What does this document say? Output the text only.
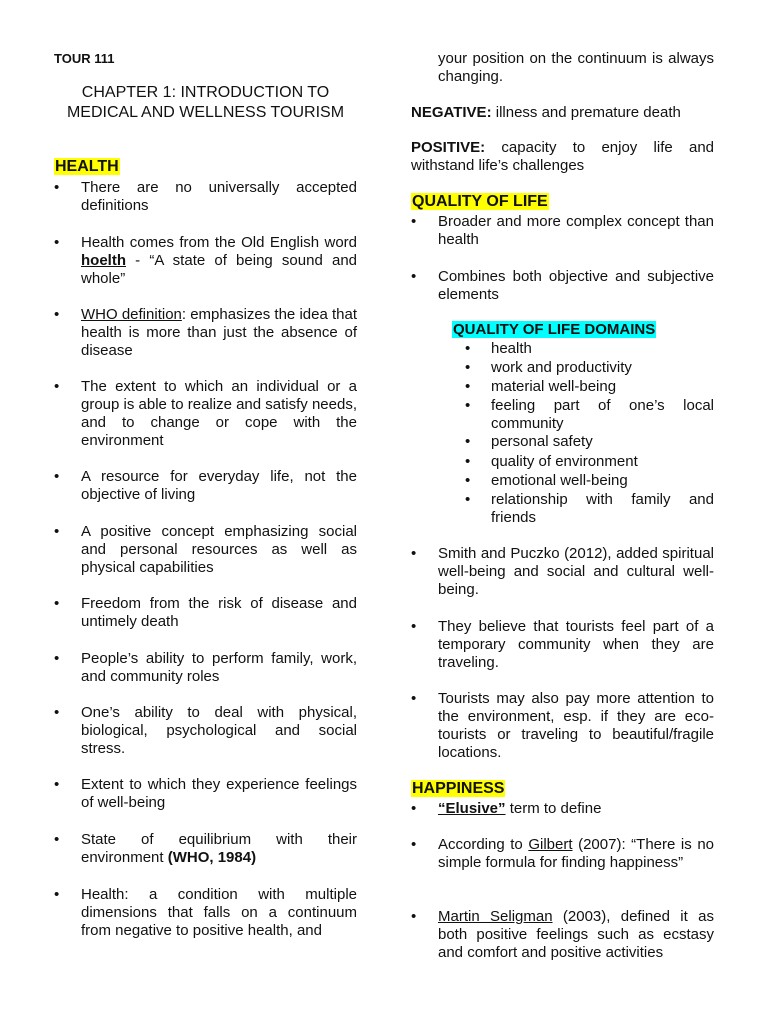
TOUR 111
CHAPTER 1: INTRODUCTION TO MEDICAL AND WELLNESS TOURISM
HEALTH
• There are no universally accepted definitions
• Health comes from the Old English word hoelth - “A state of being sound and whole”
• WHO definition: emphasizes the idea that health is more than just the absence of disease
• The extent to which an individual or a group is able to realize and satisfy needs, and to change or cope with the environment
• A resource for everyday life, not the objective of living
• A positive concept emphasizing social and personal resources as well as physical capabilities
• Freedom from the risk of disease and untimely death
• People’s ability to perform family, work, and community roles
• One’s ability to deal with physical, biological, psychological and social stress.
• Extent to which they experience feelings of well-being
• State of equilibrium with their environment (WHO, 1984)
• Health: a condition with multiple dimensions that falls on a continuum from negative to positive health, and
your position on the continuum is always changing.
NEGATIVE: illness and premature death
POSITIVE: capacity to enjoy life and withstand life’s challenges
QUALITY OF LIFE
• Broader and more complex concept than health
• Combines both objective and subjective elements
QUALITY OF LIFE DOMAINS
• health
• work and productivity
• material well-being
• feeling part of one’s local community
• personal safety
• quality of environment
• emotional well-being
• relationship with family and friends
• Smith and Puczko (2012), added spiritual well-being and social and cultural well-being.
• They believe that tourists feel part of a temporary community when they are traveling.
• Tourists may also pay more attention to the environment, esp. if they are eco-tourists or traveling to beautiful/fragile locations.
HAPPINESS
• “Elusive” term to define
• According to Gilbert (2007): “There is no simple formula for finding happiness”
• Martin Seligman (2003), defined it as both positive feelings such as ecstasy and comfort and positive activities
